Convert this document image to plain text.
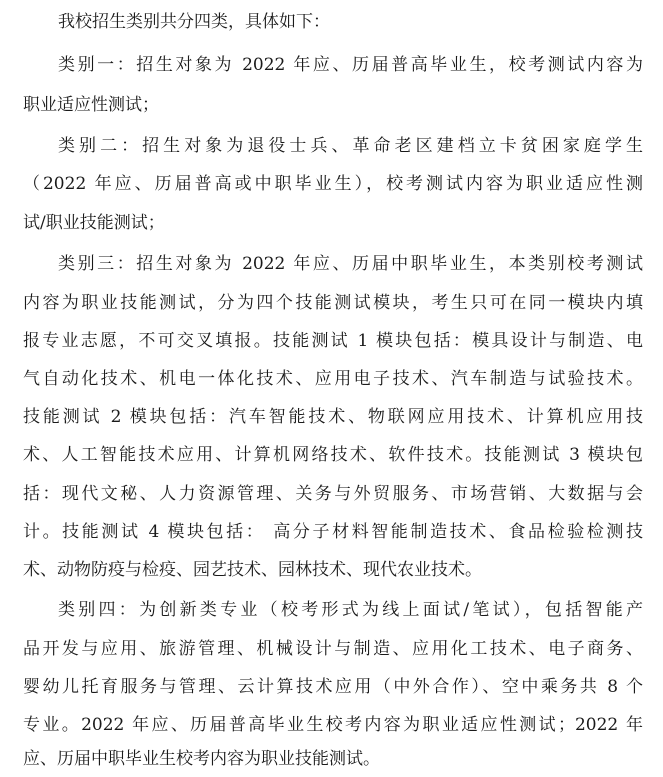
我校招生类别共分四类，具体如下：
类别一：招生对象为 2022 年应、历届普高毕业生，校考测试内容为
职业适应性测试；
类别二：招生对象为退役士兵、革命老区建档立卡贫困家庭学生
（2022 年应、历届普高或中职毕业生），校考测试内容为职业适应性测
试/职业技能测试；
类别三：招生对象为 2022 年应、历届中职毕业生，本类别校考测试
内容为职业技能测试，分为四个技能测试模块，考生只可在同一模块内填
报专业志愿，不可交叉填报。技能测试 1 模块包括：模具设计与制造、电
气自动化技术、机电一体化技术、应用电子技术、汽车制造与试验技术。
技能测试 2 模块包括：汽车智能技术、物联网应用技术、计算机应用技
术、人工智能技术应用、计算机网络技术、软件技术。技能测试 3 模块包
括：现代文秘、人力资源管理、关务与外贸服务、市场营销、大数据与会
计。技能测试 4 模块包括： 高分子材料智能制造技术、食品检验检测技
术、动物防疫与检疫、园艺技术、园林技术、现代农业技术。
类别四：为创新类专业（校考形式为线上面试/笔试），包括智能产
品开发与应用、旅游管理、机械设计与制造、应用化工技术、电子商务、
婴幼儿托育服务与管理、云计算技术应用（中外合作）、空中乘务共 8 个
专业。2022 年应、历届普高毕业生校考内容为职业适应性测试；2022 年
应、历届中职毕业生校考内容为职业技能测试。
